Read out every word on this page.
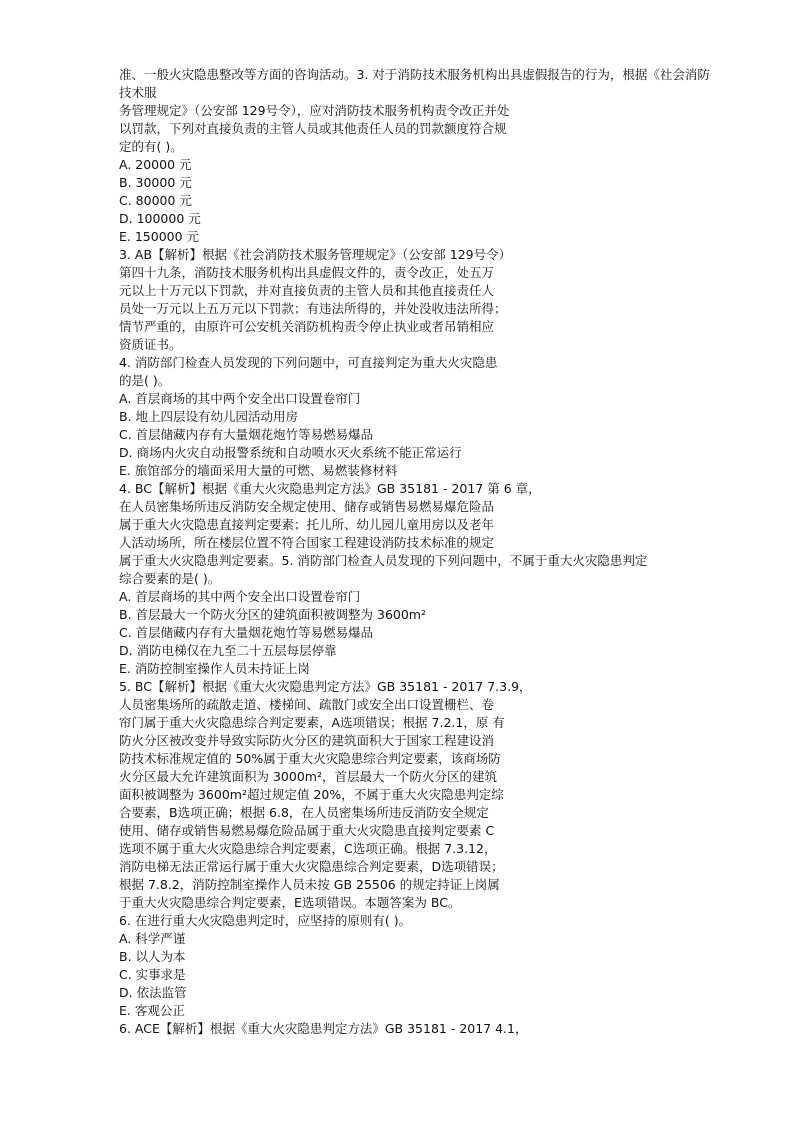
准、一般火灾隐患整改等方面的咨询活动。3. 对于消防技术服务机构出具虚假报告的行为，根据《社会消防
技术服
务管理规定》（公安部 129号令），应对消防技术服务机构责令改正并处
以罚款，下列对直接负责的主管人员或其他责任人员的罚款额度符合规
定的有( )。
A. 20000 元
B. 30000 元
C. 80000 元
D. 100000 元
E. 150000 元
3. AB【解析】根据《社会消防技术服务管理规定》（公安部 129号令）
第四十九条，消防技术服务机构出具虚假文件的，责令改正，处五万
元以上十万元以下罚款，并对直接负责的主管人员和其他直接责任人
员处一万元以上五万元以下罚款；有违法所得的，并处没收违法所得；
情节严重的，由原许可公安机关消防机构责令停止执业或者吊销相应
资质证书。
4. 消防部门检查人员发现的下列问题中，可直接判定为重大火灾隐患
的是( )。
A. 首层商场的其中两个安全出口设置卷帘门
B. 地上四层设有幼儿园活动用房
C. 首层储藏内存有大量烟花炮竹等易燃易爆品
D. 商场内火灾自动报警系统和自动喷水灭火系统不能正常运行
E. 旅馆部分的墙面采用大量的可燃、易燃装修材料
4. BC【解析】根据《重大火灾隐患判定方法》GB 35181 - 2017 第 6 章，
在人员密集场所违反消防安全规定使用、储存或销售易燃易爆危险品
属于重大火灾隐患直接判定要素；托儿所、幼儿园儿童用房以及老年
人活动场所，所在楼层位置不符合国家工程建设消防技术标准的规定
属于重大火灾隐患判定要素。5. 消防部门检查人员发现的下列问题中，不属于重大火灾隐患判定
综合要素的是( )。
A. 首层商场的其中两个安全出口设置卷帘门
B. 首层最大一个防火分区的建筑面积被调整为 3600m²
C. 首层储藏内存有大量烟花炮竹等易燃易爆品
D. 消防电梯仅在九至二十五层每层停靠
E. 消防控制室操作人员未持证上岗
5. BC【解析】根据《重大火灾隐患判定方法》GB 35181 - 2017 7.3.9，
人员密集场所的疏散走道、楼梯间、疏散门或安全出口设置栅栏、卷
帘门属于重大火灾隐患综合判定要素，A选项错误；根据 7.2.1，原 有
防火分区被改变并导致实际防火分区的建筑面积大于国家工程建设消
防技术标准规定值的 50%属于重大火灾隐患综合判定要素，该商场防
火分区最大允许建筑面积为 3000m²，首层最大一个防火分区的建筑
面积被调整为 3600m²超过规定值 20%，不属于重大火灾隐患判定综
合要素，B选项正确；根据 6.8，在人员密集场所违反消防安全规定
使用、储存或销售易燃易爆危险品属于重大火灾隐患直接判定要素 C
选项不属于重大火灾隐患综合判定要素，C选项正确。根据 7.3.12，
消防电梯无法正常运行属于重大火灾隐患综合判定要素，D选项错误；
根据 7.8.2，消防控制室操作人员未按 GB 25506 的规定持证上岗属
于重大火灾隐患综合判定要素，E选项错误。本题答案为 BC。
6. 在进行重大火灾隐患判定时，应坚持的原则有( )。
A. 科学严谨
B. 以人为本
C. 实事求是
D. 依法监管
E. 客观公正
6. ACE【解析】根据《重大火灾隐患判定方法》GB 35181 - 2017 4.1，
